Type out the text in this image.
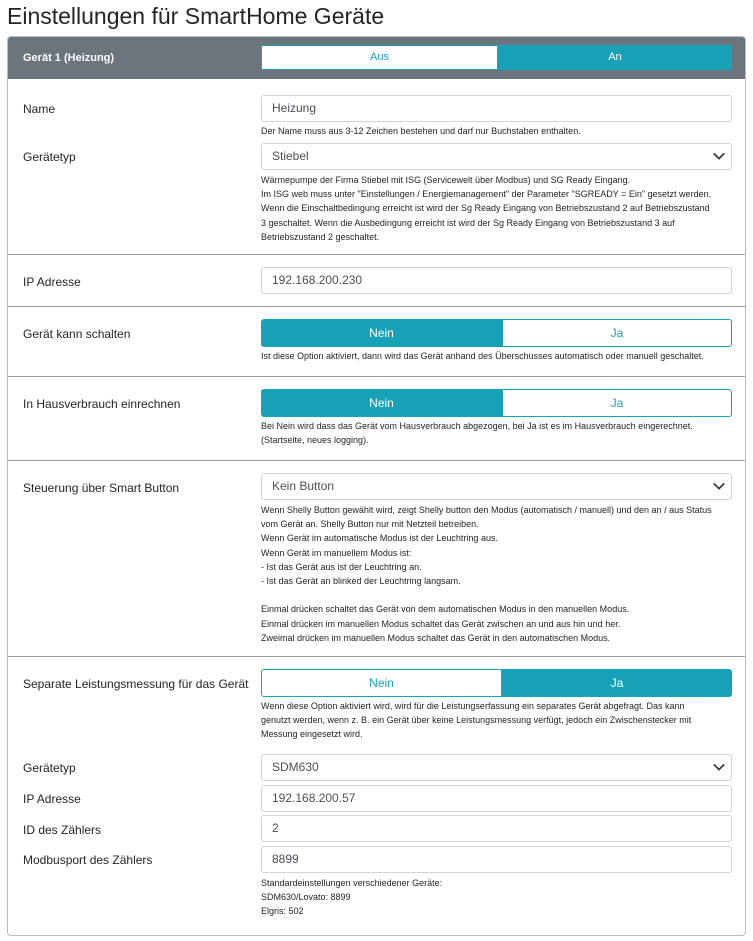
Einstellungen für SmartHome Geräte
Gerät 1 (Heizung)	Aus	An
Name	Heizung
Der Name muss aus 3-12 Zeichen bestehen und darf nur Buchstaben enthalten.
Gerätetyp	Stiebel
Wärmepumpe der Firma Stiebel mit ISG (Servicewelt über Modbus) und SG Ready Eingang.
Im ISG web muss unter "Einstellungen / Energiemanagement" der Parameter "SGREADY = Ein" gesetzt werden.
Wenn die Einschaltbedingung erreicht ist wird der Sg Ready Eingang von Betriebszustand 2 auf Betriebszustand
3 geschaltet. Wenn die Ausbedingung erreicht ist wird der Sg Ready Eingang von Betriebszustand 3 auf
Betriebszustand 2 geschaltet.
IP Adresse	192.168.200.230
Gerät kann schalten	Nein	Ja
Ist diese Option aktiviert, dann wird das Gerät anhand des Überschusses automatisch oder manuell geschaltet.
In Hausverbrauch einrechnen	Nein	Ja
Bei Nein wird dass das Gerät vom Hausverbrauch abgezogen, bei Ja ist es im Hausverbrauch eingerechnet.
(Startseite, neues logging).
Steuerung über Smart Button	Kein Button
Wenn Shelly Button gewählt wird, zeigt Shelly button den Modus (automatisch / manuell) und den an / aus Status
vom Gerät an. Shelly Button nur mit Netzteil betreiben.
Wenn Gerät im automatische Modus ist der Leuchtring aus.
Wenn Gerät im manuellem Modus ist:
- Ist das Gerät aus ist der Leuchtring an.
- Ist das Gerät an blinked der Leuchtring langsam.
Einmal drücken schaltet das Gerät von dem automatischen Modus in den manuellen Modus.
Einmal drücken im manuellen Modus schaltet das Gerät zwischen an und aus hin und her.
Zweimal drücken im manuellen Modus schaltet das Gerät in den automatischen Modus.
Separate Leistungsmessung für das Gerät	Nein	Ja
Wenn diese Option aktiviert wird, wird für die Leistungserfassung ein separates Gerät abgefragt. Das kann
genutzt werden, wenn z. B. ein Gerät über keine Leistungsmessung verfügt, jedoch ein Zwischenstecker mit
Messung eingesetzt wird.
Gerätetyp	SDM630
IP Adresse	192.168.200.57
ID des Zählers	2
Modbusport des Zählers	8899
Standardeinstellungen verschiedener Geräte:
SDM630/Lovato: 8899
Elgris: 502
